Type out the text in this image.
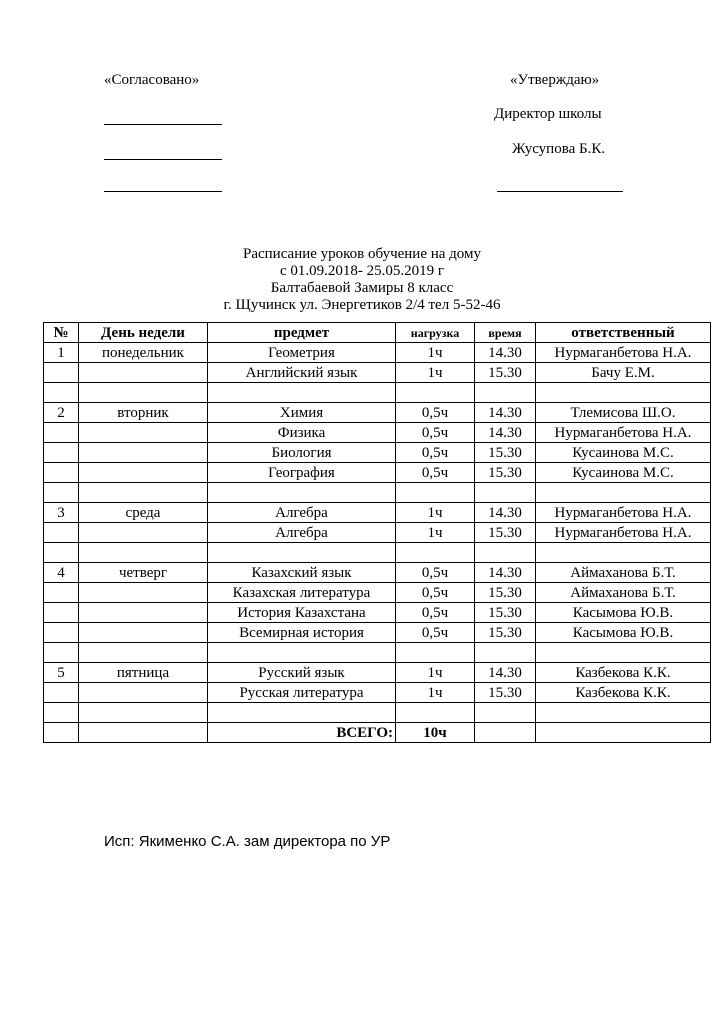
«Согласовано»	«Утверждаю»
Директор школы
Жусупова Б.К.
Расписание уроков обучение на дому
с 01.09.2018- 25.05.2019 г
Балтабаевой Замиры 8 класс
г. Щучинск ул. Энергетиков 2/4 тел 5-52-46
№	День недели	предмет	нагрузка	время	ответственный
1	понедельник	Геометрия	1ч	14.30	Нурмаганбетова Н.А.
		Английский язык	1ч	15.30	Бачу Е.М.

2	вторник	Химия	0,5ч	14.30	Тлемисова Ш.О.
		Физика	0,5ч	14.30	Нурмаганбетова Н.А.
		Биология	0,5ч	15.30	Кусаинова М.С.
		География	0,5ч	15.30	Кусаинова М.С.

3	среда	Алгебра	1ч	14.30	Нурмаганбетова Н.А.
		Алгебра	1ч	15.30	Нурмаганбетова Н.А.

4	четверг	Казахский язык	0,5ч	14.30	Аймаханова Б.Т.
		Казахская литература	0,5ч	15.30	Аймаханова Б.Т.
		История Казахстана	0,5ч	15.30	Касымова Ю.В.
		Всемирная история	0,5ч	15.30	Касымова Ю.В.

5	пятница	Русский язык	1ч	14.30	Казбекова К.К.
		Русская литература	1ч	15.30	Казбекова К.К.

		ВСЕГО:	10ч		
Исп: Якименко С.А. зам директора по УР
